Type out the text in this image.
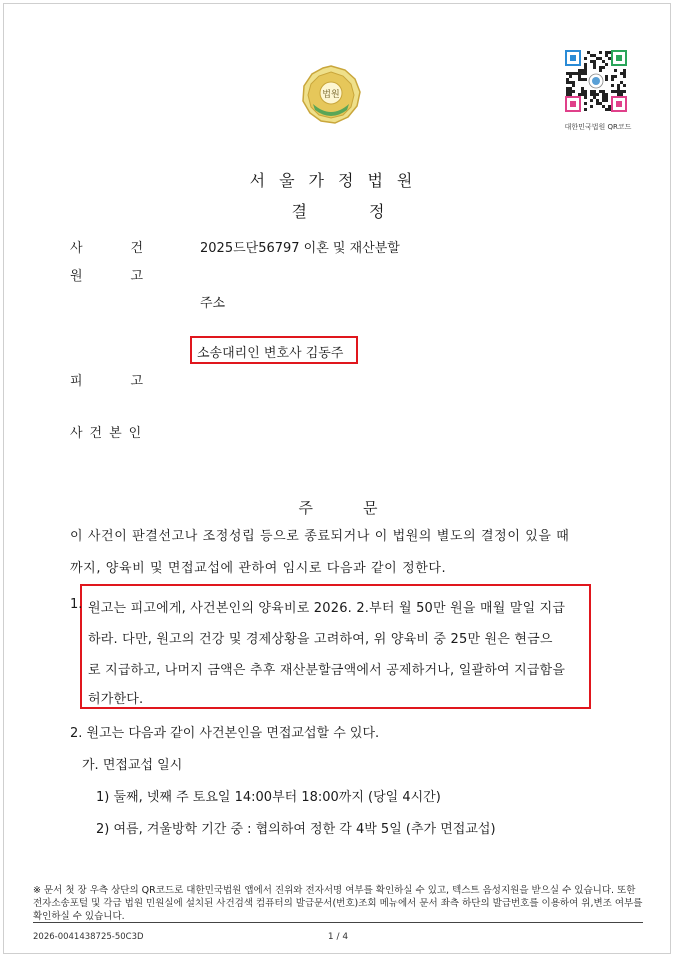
법원
대한민국법원 QR코드
서울가정법원
결정
사건 2025드단56797 이혼 및 재산분할
원고
주소
소송대리인 변호사 김동주
피고
사건본인
주문
이 사건이 판결선고나 조정성립 등으로 종료되거나 이 법원의 별도의 결정이 있을 때
까지, 양육비 및 면접교섭에 관하여 임시로 다음과 같이 정한다.
1. 원고는 피고에게, 사건본인의 양육비로 2026. 2.부터 월 50만 원을 매월 말일 지급
하라. 다만, 원고의 건강 및 경제상황을 고려하여, 위 양육비 중 25만 원은 현금으
로 지급하고, 나머지 금액은 추후 재산분할금액에서 공제하거나, 일괄하여 지급함을
허가한다.
2. 원고는 다음과 같이 사건본인을 면접교섭할 수 있다.
가. 면접교섭 일시
1) 둘째, 넷째 주 토요일 14:00부터 18:00까지 (당일 4시간)
2) 여름, 겨울방학 기간 중 : 협의하여 정한 각 4박 5일 (추가 면접교섭)
※ 문서 첫 장 우측 상단의 QR코드로 대한민국법원 앱에서 진위와 전자서명 여부를 확인하실 수 있고, 텍스트 음성지원을 받으실 수 있습니다. 또한 전자소송포털 및 각급 법원 민원실에 설치된 사건검색 컴퓨터의 발급문서(번호)조회 메뉴에서 문서 좌측 하단의 발급번호를 이용하여 위,변조 여부를 확인하실 수 있습니다.
2026-0041438725-50C3D	1 / 4
